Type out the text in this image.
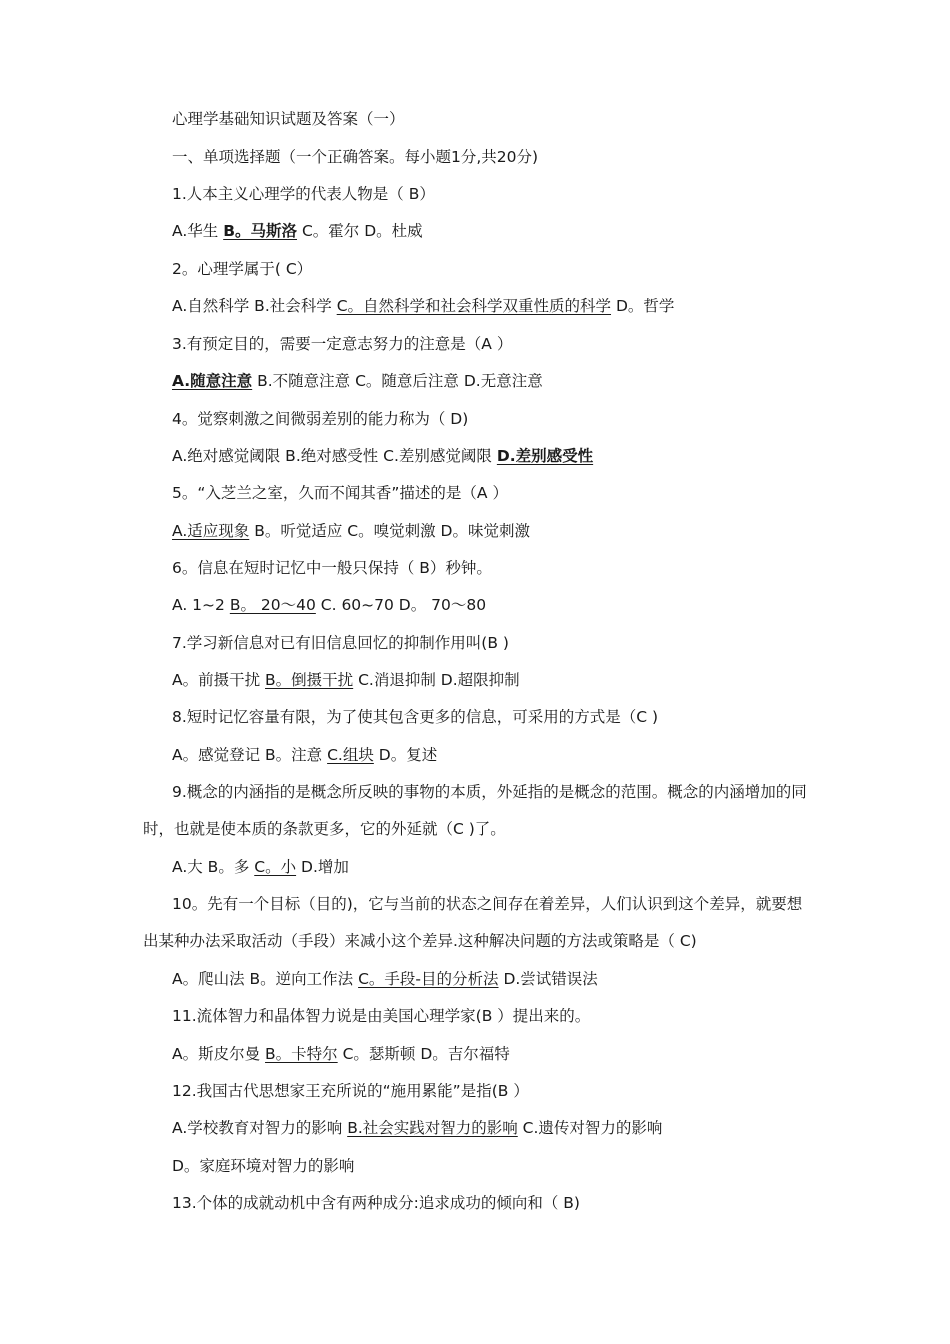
心理学基础知识试题及答案（一）
一、单项选择题（一个正确答案。每小题1分,共20分)
1.人本主义心理学的代表人物是（ B）
A.华生 B。马斯洛 C。霍尔 D。杜威
2。心理学属于( C）
A.自然科学 B.社会科学 C。自然科学和社会科学双重性质的科学 D。哲学
3.有预定目的，需要一定意志努力的注意是（A ）
A.随意注意 B.不随意注意 C。随意后注意 D.无意注意
4。觉察刺激之间微弱差别的能力称为（ D)
A.绝对感觉阈限 B.绝对感受性 C.差别感觉阈限 D.差别感受性
5。“入芝兰之室，久而不闻其香”描述的是（A ）
A.适应现象 B。听觉适应 C。嗅觉刺激 D。味觉刺激
6。信息在短时记忆中一般只保持（ B）秒钟。
A. 1~2 B。 20～40 C. 60~70 D。 70～80
7.学习新信息对已有旧信息回忆的抑制作用叫(B )
A。前摄干扰 B。倒摄干扰 C.消退抑制 D.超限抑制
8.短时记忆容量有限，为了使其包含更多的信息，可采用的方式是（C )
A。感觉登记 B。注意 C.组块 D。复述
9.概念的内涵指的是概念所反映的事物的本质，外延指的是概念的范围。概念的内涵增加的同时，也就是使本质的条款更多，它的外延就（C )了。
A.大 B。多 C。小 D.增加
10。先有一个目标（目的)，它与当前的状态之间存在着差异，人们认识到这个差异，就要想出某种办法采取活动（手段）来减小这个差异.这种解决问题的方法或策略是（ C)
A。爬山法 B。逆向工作法 C。手段-目的分析法 D.尝试错误法
11.流体智力和晶体智力说是由美国心理学家(B ）提出来的。
A。斯皮尔曼 B。卡特尔 C。瑟斯顿 D。吉尔福特
12.我国古代思想家王充所说的“施用累能”是指(B ）
A.学校教育对智力的影响 B.社会实践对智力的影响 C.遗传对智力的影响
D。家庭环境对智力的影响
13.个体的成就动机中含有两种成分:追求成功的倾向和（ B)
